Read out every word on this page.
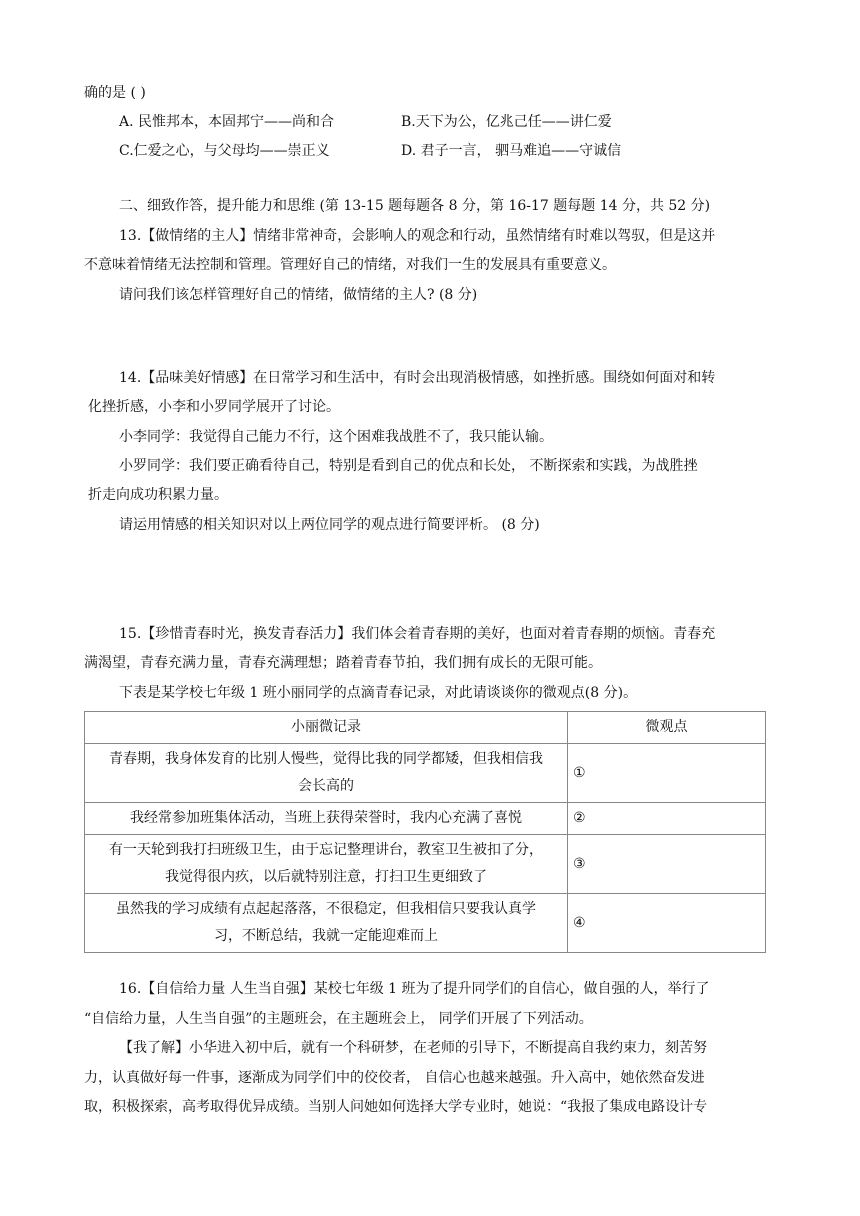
确的是 ( )
A. 民惟邦本，本固邦宁——尚和合	B.天下为公，亿兆己任——讲仁爱
C.仁爱之心，与父母均——崇正义	D. 君子一言， 驷马难追——守诚信
二、细致作答，提升能力和思维 (第 13-15 题每题各 8 分，第 16-17 题每题 14 分，共 52 分)
13.【做情绪的主人】情绪非常神奇，会影响人的观念和行动，虽然情绪有时难以驾驭，但是这并
不意味着情绪无法控制和管理。管理好自己的情绪，对我们一生的发展具有重要意义。
请问我们该怎样管理好自己的情绪，做情绪的主人? (8 分)
14.【品味美好情感】在日常学习和生活中，有时会出现消极情感，如挫折感。围绕如何面对和转
化挫折感，小李和小罗同学展开了讨论。
小李同学：我觉得自己能力不行，这个困难我战胜不了，我只能认输。
小罗同学：我们要正确看待自己，特别是看到自己的优点和长处， 不断探索和实践，为战胜挫
折走向成功积累力量。
请运用情感的相关知识对以上两位同学的观点进行简要评析。 (8 分)
15.【珍惜青春时光，换发青春活力】我们体会着青春期的美好，也面对着青春期的烦恼。青春充
满渴望，青春充满力量，青春充满理想；踏着青春节拍，我们拥有成长的无限可能。
下表是某学校七年级 1 班小丽同学的点滴青春记录，对此请谈谈你的微观点(8 分)。
小丽微记录	微观点

青春期，我身体发育的比别人慢些，觉得比我的同学都矮，但我相信我
会长高的	①

我经常参加班集体活动，当班上获得荣誉时，我内心充满了喜悦	②

有一天轮到我打扫班级卫生，由于忘记整理讲台，教室卫生被扣了分，
我觉得很内疚，以后就特别注意，打扫卫生更细致了	③

虽然我的学习成绩有点起起落落，不很稳定，但我相信只要我认真学
习，不断总结，我就一定能迎难而上	④
16.【自信给力量 人生当自强】某校七年级 1 班为了提升同学们的自信心，做自强的人，举行了
“自信给力量，人生当自强”的主题班会，在主题班会上， 同学们开展了下列活动。
【我了解】小华进入初中后，就有一个科研梦，在老师的引导下，不断提高自我约束力，刻苦努
力，认真做好每一件事，逐渐成为同学们中的佼佼者， 自信心也越来越强。升入高中，她依然奋发进
取，积极探索，高考取得优异成绩。当别人问她如何选择大学专业时，她说：“我报了集成电路设计专
